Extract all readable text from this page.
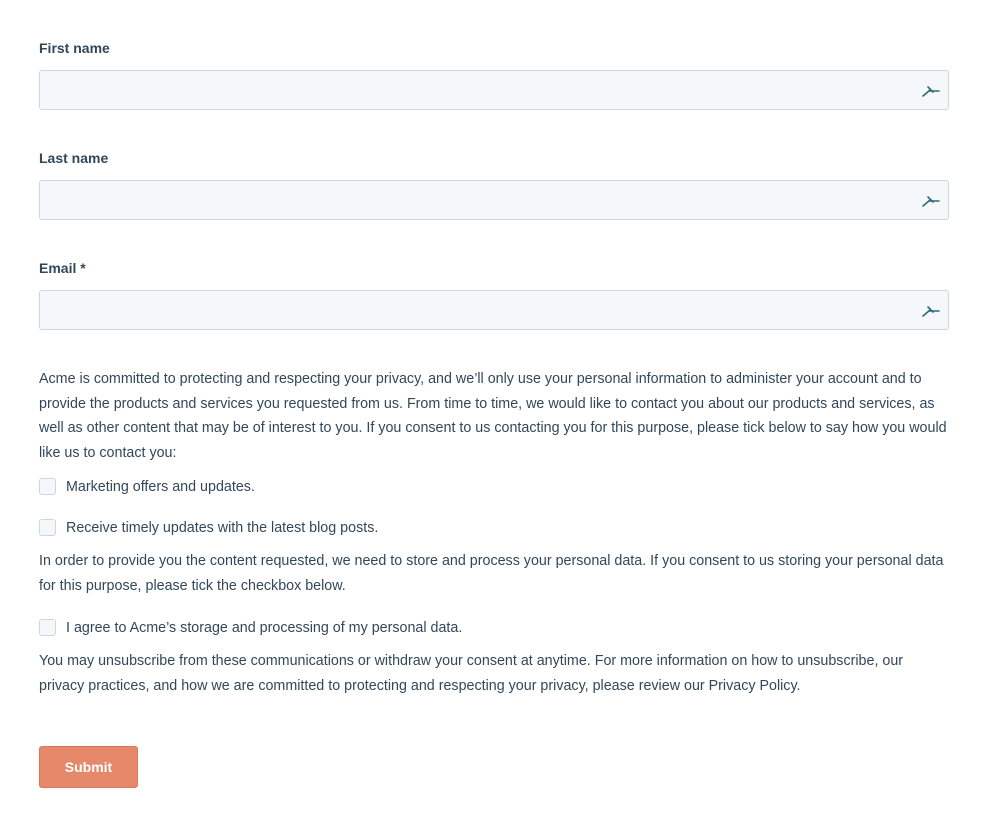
First name
Last name
Email *
Acme is committed to protecting and respecting your privacy, and we’ll only use your personal information to administer your account and to provide the products and services you requested from us. From time to time, we would like to contact you about our products and services, as well as other content that may be of interest to you. If you consent to us contacting you for this purpose, please tick below to say how you would like us to contact you:
Marketing offers and updates.
Receive timely updates with the latest blog posts.
In order to provide you the content requested, we need to store and process your personal data. If you consent to us storing your personal data for this purpose, please tick the checkbox below.
I agree to Acme’s storage and processing of my personal data.
You may unsubscribe from these communications or withdraw your consent at anytime. For more information on how to unsubscribe, our privacy practices, and how we are committed to protecting and respecting your privacy, please review our Privacy Policy.
Submit
